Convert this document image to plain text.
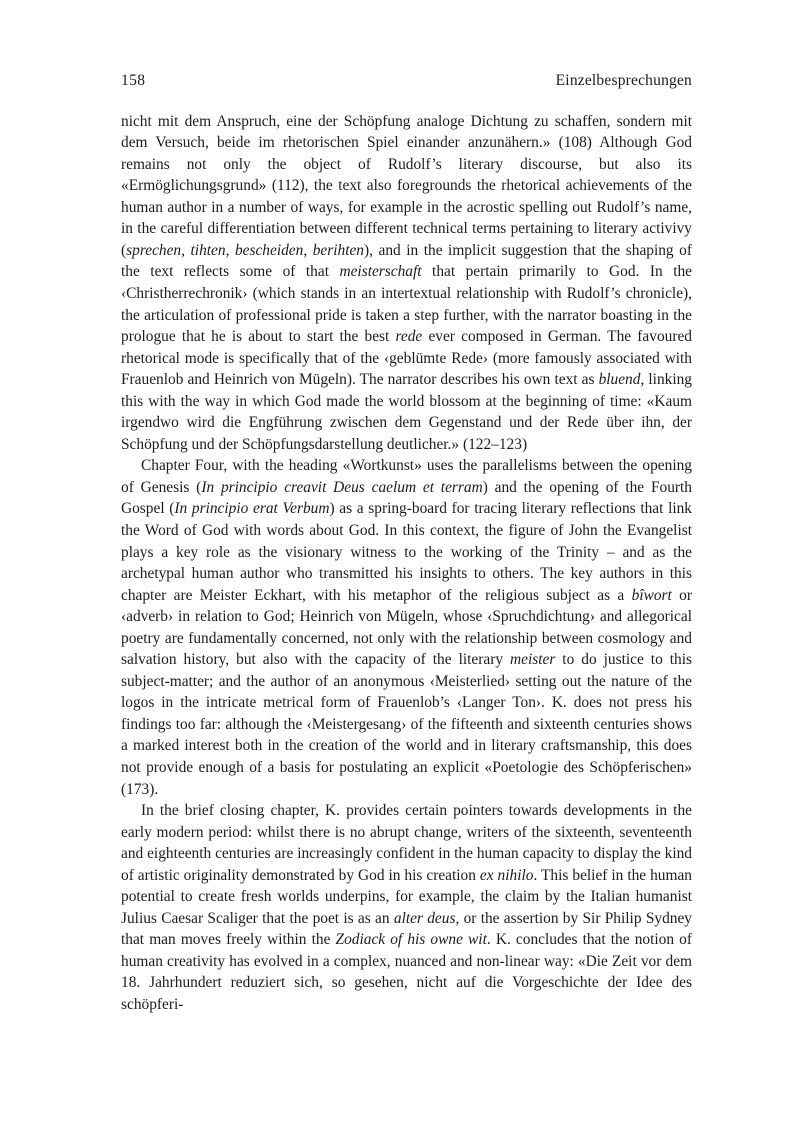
158	Einzelbesprechungen

nicht mit dem Anspruch, eine der Schöpfung analoge Dichtung zu schaffen, sondern mit dem Versuch, beide im rhetorischen Spiel einander anzunähern.» (108) Although God remains not only the object of Rudolf’s literary discourse, but also its «Ermöglichungsgrund» (112), the text also foregrounds the rhetorical achievements of the human author in a number of ways, for example in the acrostic spelling out Rudolf’s name, in the careful differentiation between different technical terms pertaining to literary activivy (sprechen, tihten, bescheiden, berihten), and in the implicit suggestion that the shaping of the text reflects some of that meisterschaft that pertain primarily to God. In the ‹Christherrechronik› (which stands in an intertextual relationship with Rudolf’s chronicle), the articulation of professional pride is taken a step further, with the narrator boasting in the prologue that he is about to start the best rede ever composed in German. The favoured rhetorical mode is specifically that of the ‹geblümte Rede› (more famously associated with Frauenlob and Heinrich von Mügeln). The narrator describes his own text as bluend, linking this with the way in which God made the world blossom at the beginning of time: «Kaum irgendwo wird die Engführung zwischen dem Gegenstand und der Rede über ihn, der Schöpfung und der Schöpfungsdarstellung deutlicher.» (122–123)

Chapter Four, with the heading «Wortkunst» uses the parallelisms between the opening of Genesis (In principio creavit Deus caelum et terram) and the opening of the Fourth Gospel (In principio erat Verbum) as a spring-board for tracing literary reflections that link the Word of God with words about God. In this context, the figure of John the Evangelist plays a key role as the visionary witness to the working of the Trinity – and as the archetypal human author who transmitted his insights to others. The key authors in this chapter are Meister Eckhart, with his metaphor of the religious subject as a bîwort or ‹adverb› in relation to God; Heinrich von Mügeln, whose ‹Spruchdichtung› and allegorical poetry are fundamentally concerned, not only with the relationship between cosmology and salvation history, but also with the capacity of the literary meister to do justice to this subject-matter; and the author of an anonymous ‹Meisterlied› setting out the nature of the logos in the intricate metrical form of Frauenlob’s ‹Langer Ton›. K. does not press his findings too far: although the ‹Meistergesang› of the fifteenth and sixteenth centuries shows a marked interest both in the creation of the world and in literary craftsmanship, this does not provide enough of a basis for postulating an explicit «Poetologie des Schöpferischen» (173).

In the brief closing chapter, K. provides certain pointers towards developments in the early modern period: whilst there is no abrupt change, writers of the sixteenth, seventeenth and eighteenth centuries are increasingly confident in the human capacity to display the kind of artistic originality demonstrated by God in his creation ex nihilo. This belief in the human potential to create fresh worlds underpins, for example, the claim by the Italian humanist Julius Caesar Scaliger that the poet is as an alter deus, or the assertion by Sir Philip Sydney that man moves freely within the Zodiack of his owne wit. K. concludes that the notion of human creativity has evolved in a complex, nuanced and non-linear way: «Die Zeit vor dem 18. Jahrhundert reduziert sich, so gesehen, nicht auf die Vorgeschichte der Idee des schöpferi-
